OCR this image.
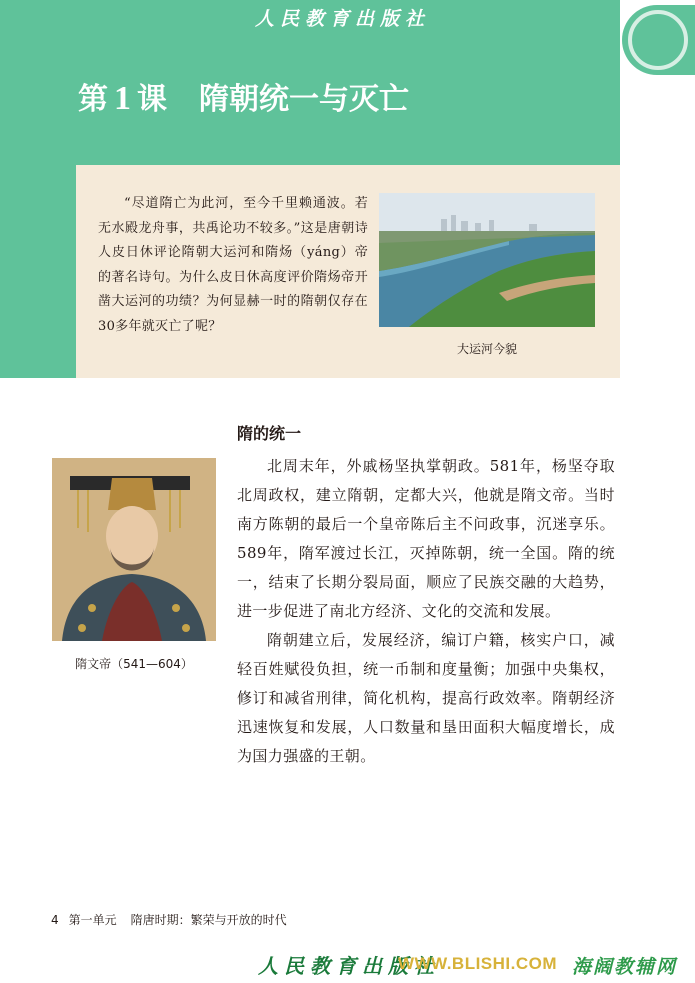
人民教育出版社
第 1 课 隋朝统一与灭亡

“尽道隋亡为此河，至今千里赖通波。若无水殿龙舟事，共禹论功不较多。”这是唐朝诗人皮日休评论隋朝大运河和隋炀（yáng）帝的著名诗句。为什么皮日休高度评价隋炀帝开凿大运河的功绩？为何显赫一时的隋朝仅存在30多年就灭亡了呢？

大运河今貌
隋的统一
隋文帝（541—604）

北周末年，外戚杨坚执掌朝政。581年，杨坚夺取北周政权，建立隋朝，定都大兴，他就是隋文帝。当时南方陈朝的最后一个皇帝陈后主不问政事，沉迷享乐。589年，隋军渡过长江，灭掉陈朝，统一全国。隋的统一，结束了长期分裂局面，顺应了民族交融的大趋势，进一步促进了南北方经济、文化的交流和发展。

隋朝建立后，发展经济，编订户籍，核实户口，减轻百姓赋役负担，统一币制和度量衡；加强中央集权，修订和减省刑律，简化机构，提高行政效率。隋朝经济迅速恢复和发展，人口数量和垦田面积大幅度增长，成为国力强盛的王朝。

4 第一单元 隋唐时期：繁荣与开放的时代
人民教育出版社
WWW.BLISHI.COM 海阔教辅网
